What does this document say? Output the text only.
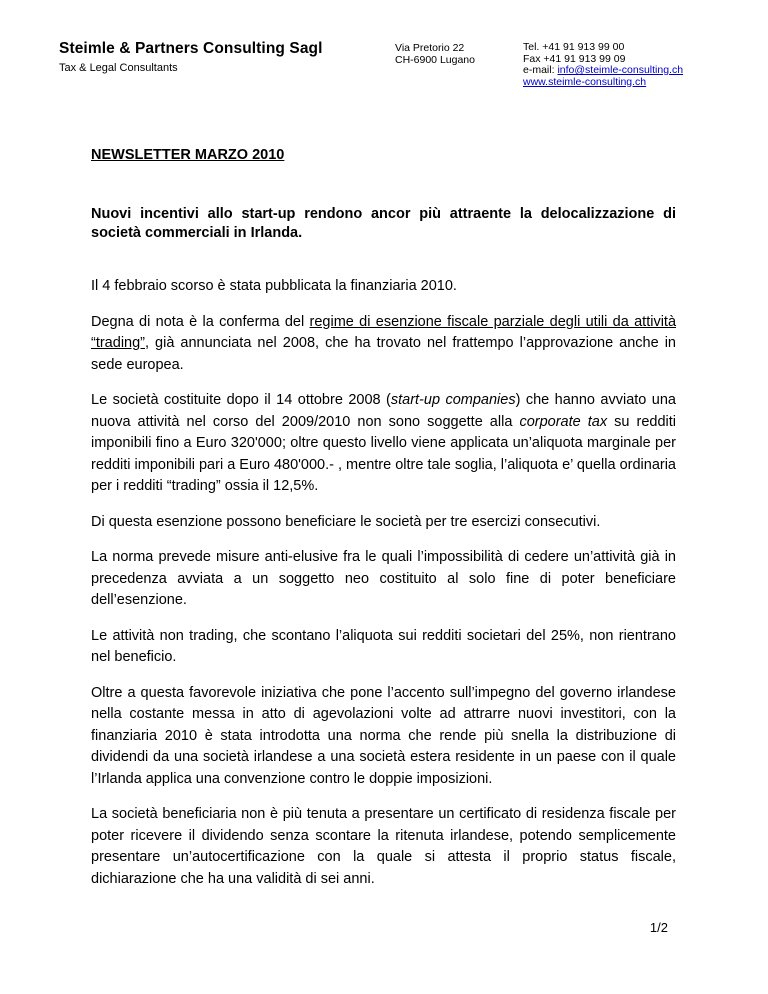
Steimle & Partners Consulting Sagl
Tax & Legal Consultants
Via Pretorio 22
CH-6900 Lugano
Tel. +41 91 913 99 00
Fax +41 91 913 99 09
e-mail: info@steimle-consulting.ch
www.steimle-consulting.ch
NEWSLETTER MARZO 2010
Nuovi incentivi allo start-up rendono ancor più attraente la delocalizzazione di società commerciali in Irlanda.

Il 4 febbraio scorso è stata pubblicata la finanziaria 2010.

Degna di nota è la conferma del regime di esenzione fiscale parziale degli utili da attività “trading”, già annunciata nel 2008, che ha trovato nel frattempo l’approvazione anche in sede europea.

Le società costituite dopo il 14 ottobre 2008 (start-up companies) che hanno avviato una nuova attività nel corso del 2009/2010 non sono soggette alla corporate tax su redditi imponibili fino a Euro 320'000; oltre questo livello viene applicata un’aliquota marginale per redditi imponibili pari a Euro 480'000.- , mentre oltre tale soglia, l’aliquota e’ quella ordinaria per i redditi “trading” ossia il 12,5%.

Di questa esenzione possono beneficiare le società per tre esercizi consecutivi.

La norma prevede misure anti-elusive fra le quali l’impossibilità di cedere un’attività già in precedenza avviata a un soggetto neo costituito al solo fine di poter beneficiare dell’esenzione.

Le attività non trading, che scontano l’aliquota sui redditi societari del 25%, non rientrano nel beneficio.

Oltre a questa favorevole iniziativa che pone l’accento sull’impegno del governo irlandese nella costante messa in atto di agevolazioni volte ad attrarre nuovi investitori, con la finanziaria 2010 è stata introdotta una norma che rende più snella la distribuzione di dividendi da una società irlandese a una società estera residente in un paese con il quale l’Irlanda applica una convenzione contro le doppie imposizioni.

La società beneficiaria non è più tenuta a presentare un certificato di residenza fiscale per poter ricevere il dividendo senza scontare la ritenuta irlandese, potendo semplicemente presentare un’autocertificazione con la quale si attesta il proprio status fiscale, dichiarazione che ha una validità di sei anni.

1/2
